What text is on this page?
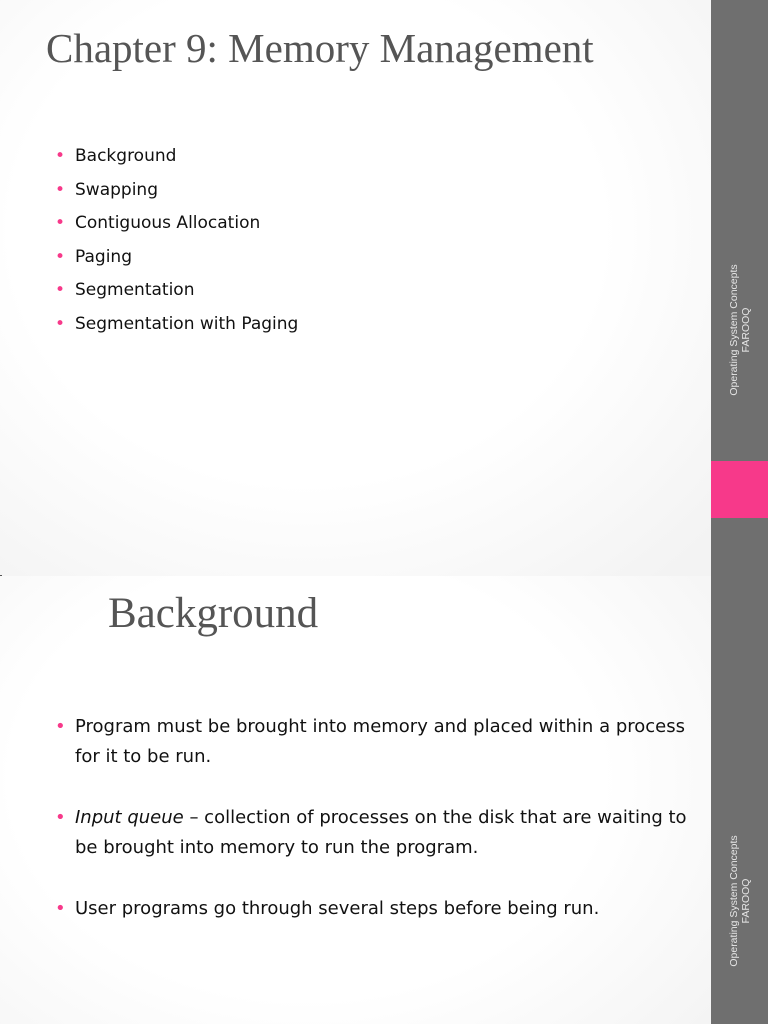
Chapter 9: Memory Management
• Background
• Swapping
• Contiguous Allocation
• Paging
• Segmentation
• Segmentation with Paging	Operating System Concepts FAROOQ
Background
• Program must be brought into memory and placed within a process for it to be run.
• Input queue – collection of processes on the disk that are waiting to be brought into memory to run the program.
• User programs go through several steps before being run.	Operating System Concepts FAROOQ
